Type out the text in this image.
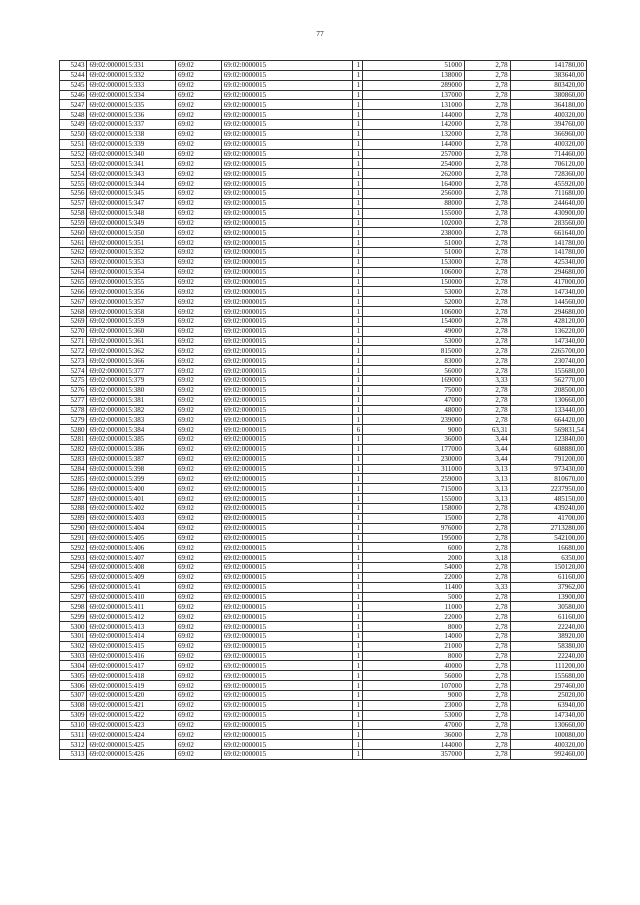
77
5243	69:02:0000015:331	69:02	69:02:0000015	1	51000	2,78	141780,00
5244	69:02:0000015:332	69:02	69:02:0000015	1	138000	2,78	383640,00
5245	69:02:0000015:333	69:02	69:02:0000015	1	289000	2,78	803420,00
5246	69:02:0000015:334	69:02	69:02:0000015	1	137000	2,78	380860,00
5247	69:02:0000015:335	69:02	69:02:0000015	1	131000	2,78	364180,00
5248	69:02:0000015:336	69:02	69:02:0000015	1	144000	2,78	400320,00
5249	69:02:0000015:337	69:02	69:02:0000015	1	142000	2,78	394760,00
5250	69:02:0000015:338	69:02	69:02:0000015	1	132000	2,78	366960,00
5251	69:02:0000015:339	69:02	69:02:0000015	1	144000	2,78	400320,00
5252	69:02:0000015:340	69:02	69:02:0000015	1	257000	2,78	714460,00
5253	69:02:0000015:341	69:02	69:02:0000015	1	254000	2,78	706120,00
5254	69:02:0000015:343	69:02	69:02:0000015	1	262000	2,78	728360,00
5255	69:02:0000015:344	69:02	69:02:0000015	1	164000	2,78	455920,00
5256	69:02:0000015:345	69:02	69:02:0000015	1	256000	2,78	711680,00
5257	69:02:0000015:347	69:02	69:02:0000015	1	88000	2,78	244640,00
5258	69:02:0000015:348	69:02	69:02:0000015	1	155000	2,78	430900,00
5259	69:02:0000015:349	69:02	69:02:0000015	1	102000	2,78	283560,00
5260	69:02:0000015:350	69:02	69:02:0000015	1	238000	2,78	661640,00
5261	69:02:0000015:351	69:02	69:02:0000015	1	51000	2,78	141780,00
5262	69:02:0000015:352	69:02	69:02:0000015	1	51000	2,78	141780,00
5263	69:02:0000015:353	69:02	69:02:0000015	1	153000	2,78	425340,00
5264	69:02:0000015:354	69:02	69:02:0000015	1	106000	2,78	294680,00
5265	69:02:0000015:355	69:02	69:02:0000015	1	150000	2,78	417000,00
5266	69:02:0000015:356	69:02	69:02:0000015	1	53000	2,78	147340,00
5267	69:02:0000015:357	69:02	69:02:0000015	1	52000	2,78	144560,00
5268	69:02:0000015:358	69:02	69:02:0000015	1	106000	2,78	294680,00
5269	69:02:0000015:359	69:02	69:02:0000015	1	154000	2,78	428120,00
5270	69:02:0000015:360	69:02	69:02:0000015	1	49000	2,78	136220,00
5271	69:02:0000015:361	69:02	69:02:0000015	1	53000	2,78	147340,00
5272	69:02:0000015:362	69:02	69:02:0000015	1	815000	2,78	2265700,00
5273	69:02:0000015:366	69:02	69:02:0000015	1	83000	2,78	230740,00
5274	69:02:0000015:377	69:02	69:02:0000015	1	56000	2,78	155680,00
5275	69:02:0000015:379	69:02	69:02:0000015	1	169000	3,33	562770,00
5276	69:02:0000015:380	69:02	69:02:0000015	1	75000	2,78	208500,00
5277	69:02:0000015:381	69:02	69:02:0000015	1	47000	2,78	130660,00
5278	69:02:0000015:382	69:02	69:02:0000015	1	48000	2,78	133440,00
5279	69:02:0000015:383	69:02	69:02:0000015	1	239000	2,78	664420,00
5280	69:02:0000015:384	69:02	69:02:0000015	6	9000	63,31	569831,54
5281	69:02:0000015:385	69:02	69:02:0000015	1	36000	3,44	123840,00
5282	69:02:0000015:386	69:02	69:02:0000015	1	177000	3,44	608880,00
5283	69:02:0000015:387	69:02	69:02:0000015	1	230000	3,44	791200,00
5284	69:02:0000015:398	69:02	69:02:0000015	1	311000	3,13	973430,00
5285	69:02:0000015:399	69:02	69:02:0000015	1	259000	3,13	810670,00
5286	69:02:0000015:400	69:02	69:02:0000015	1	715000	3,13	2237950,00
5287	69:02:0000015:401	69:02	69:02:0000015	1	155000	3,13	485150,00
5288	69:02:0000015:402	69:02	69:02:0000015	1	158000	2,78	439240,00
5289	69:02:0000015:403	69:02	69:02:0000015	1	15000	2,78	41700,00
5290	69:02:0000015:404	69:02	69:02:0000015	1	976000	2,78	2713280,00
5291	69:02:0000015:405	69:02	69:02:0000015	1	195000	2,78	542100,00
5292	69:02:0000015:406	69:02	69:02:0000015	1	6000	2,78	16680,00
5293	69:02:0000015:407	69:02	69:02:0000015	1	2000	3,18	6350,00
5294	69:02:0000015:408	69:02	69:02:0000015	1	54000	2,78	150120,00
5295	69:02:0000015:409	69:02	69:02:0000015	1	22000	2,78	61160,00
5296	69:02:0000015:41	69:02	69:02:0000015	1	11400	3,33	37962,00
5297	69:02:0000015:410	69:02	69:02:0000015	1	5000	2,78	13900,00
5298	69:02:0000015:411	69:02	69:02:0000015	1	11000	2,78	30580,00
5299	69:02:0000015:412	69:02	69:02:0000015	1	22000	2,78	61160,00
5300	69:02:0000015:413	69:02	69:02:0000015	1	8000	2,78	22240,00
5301	69:02:0000015:414	69:02	69:02:0000015	1	14000	2,78	38920,00
5302	69:02:0000015:415	69:02	69:02:0000015	1	21000	2,78	58380,00
5303	69:02:0000015:416	69:02	69:02:0000015	1	8000	2,78	22240,00
5304	69:02:0000015:417	69:02	69:02:0000015	1	40000	2,78	111200,00
5305	69:02:0000015:418	69:02	69:02:0000015	1	56000	2,78	155680,00
5306	69:02:0000015:419	69:02	69:02:0000015	1	107000	2,78	297460,00
5307	69:02:0000015:420	69:02	69:02:0000015	1	9000	2,78	25020,00
5308	69:02:0000015:421	69:02	69:02:0000015	1	23000	2,78	63940,00
5309	69:02:0000015:422	69:02	69:02:0000015	1	53000	2,78	147340,00
5310	69:02:0000015:423	69:02	69:02:0000015	1	47000	2,78	130660,00
5311	69:02:0000015:424	69:02	69:02:0000015	1	36000	2,78	100080,00
5312	69:02:0000015:425	69:02	69:02:0000015	1	144000	2,78	400320,00
5313	69:02:0000015:426	69:02	69:02:0000015	1	357000	2,78	992460,00
